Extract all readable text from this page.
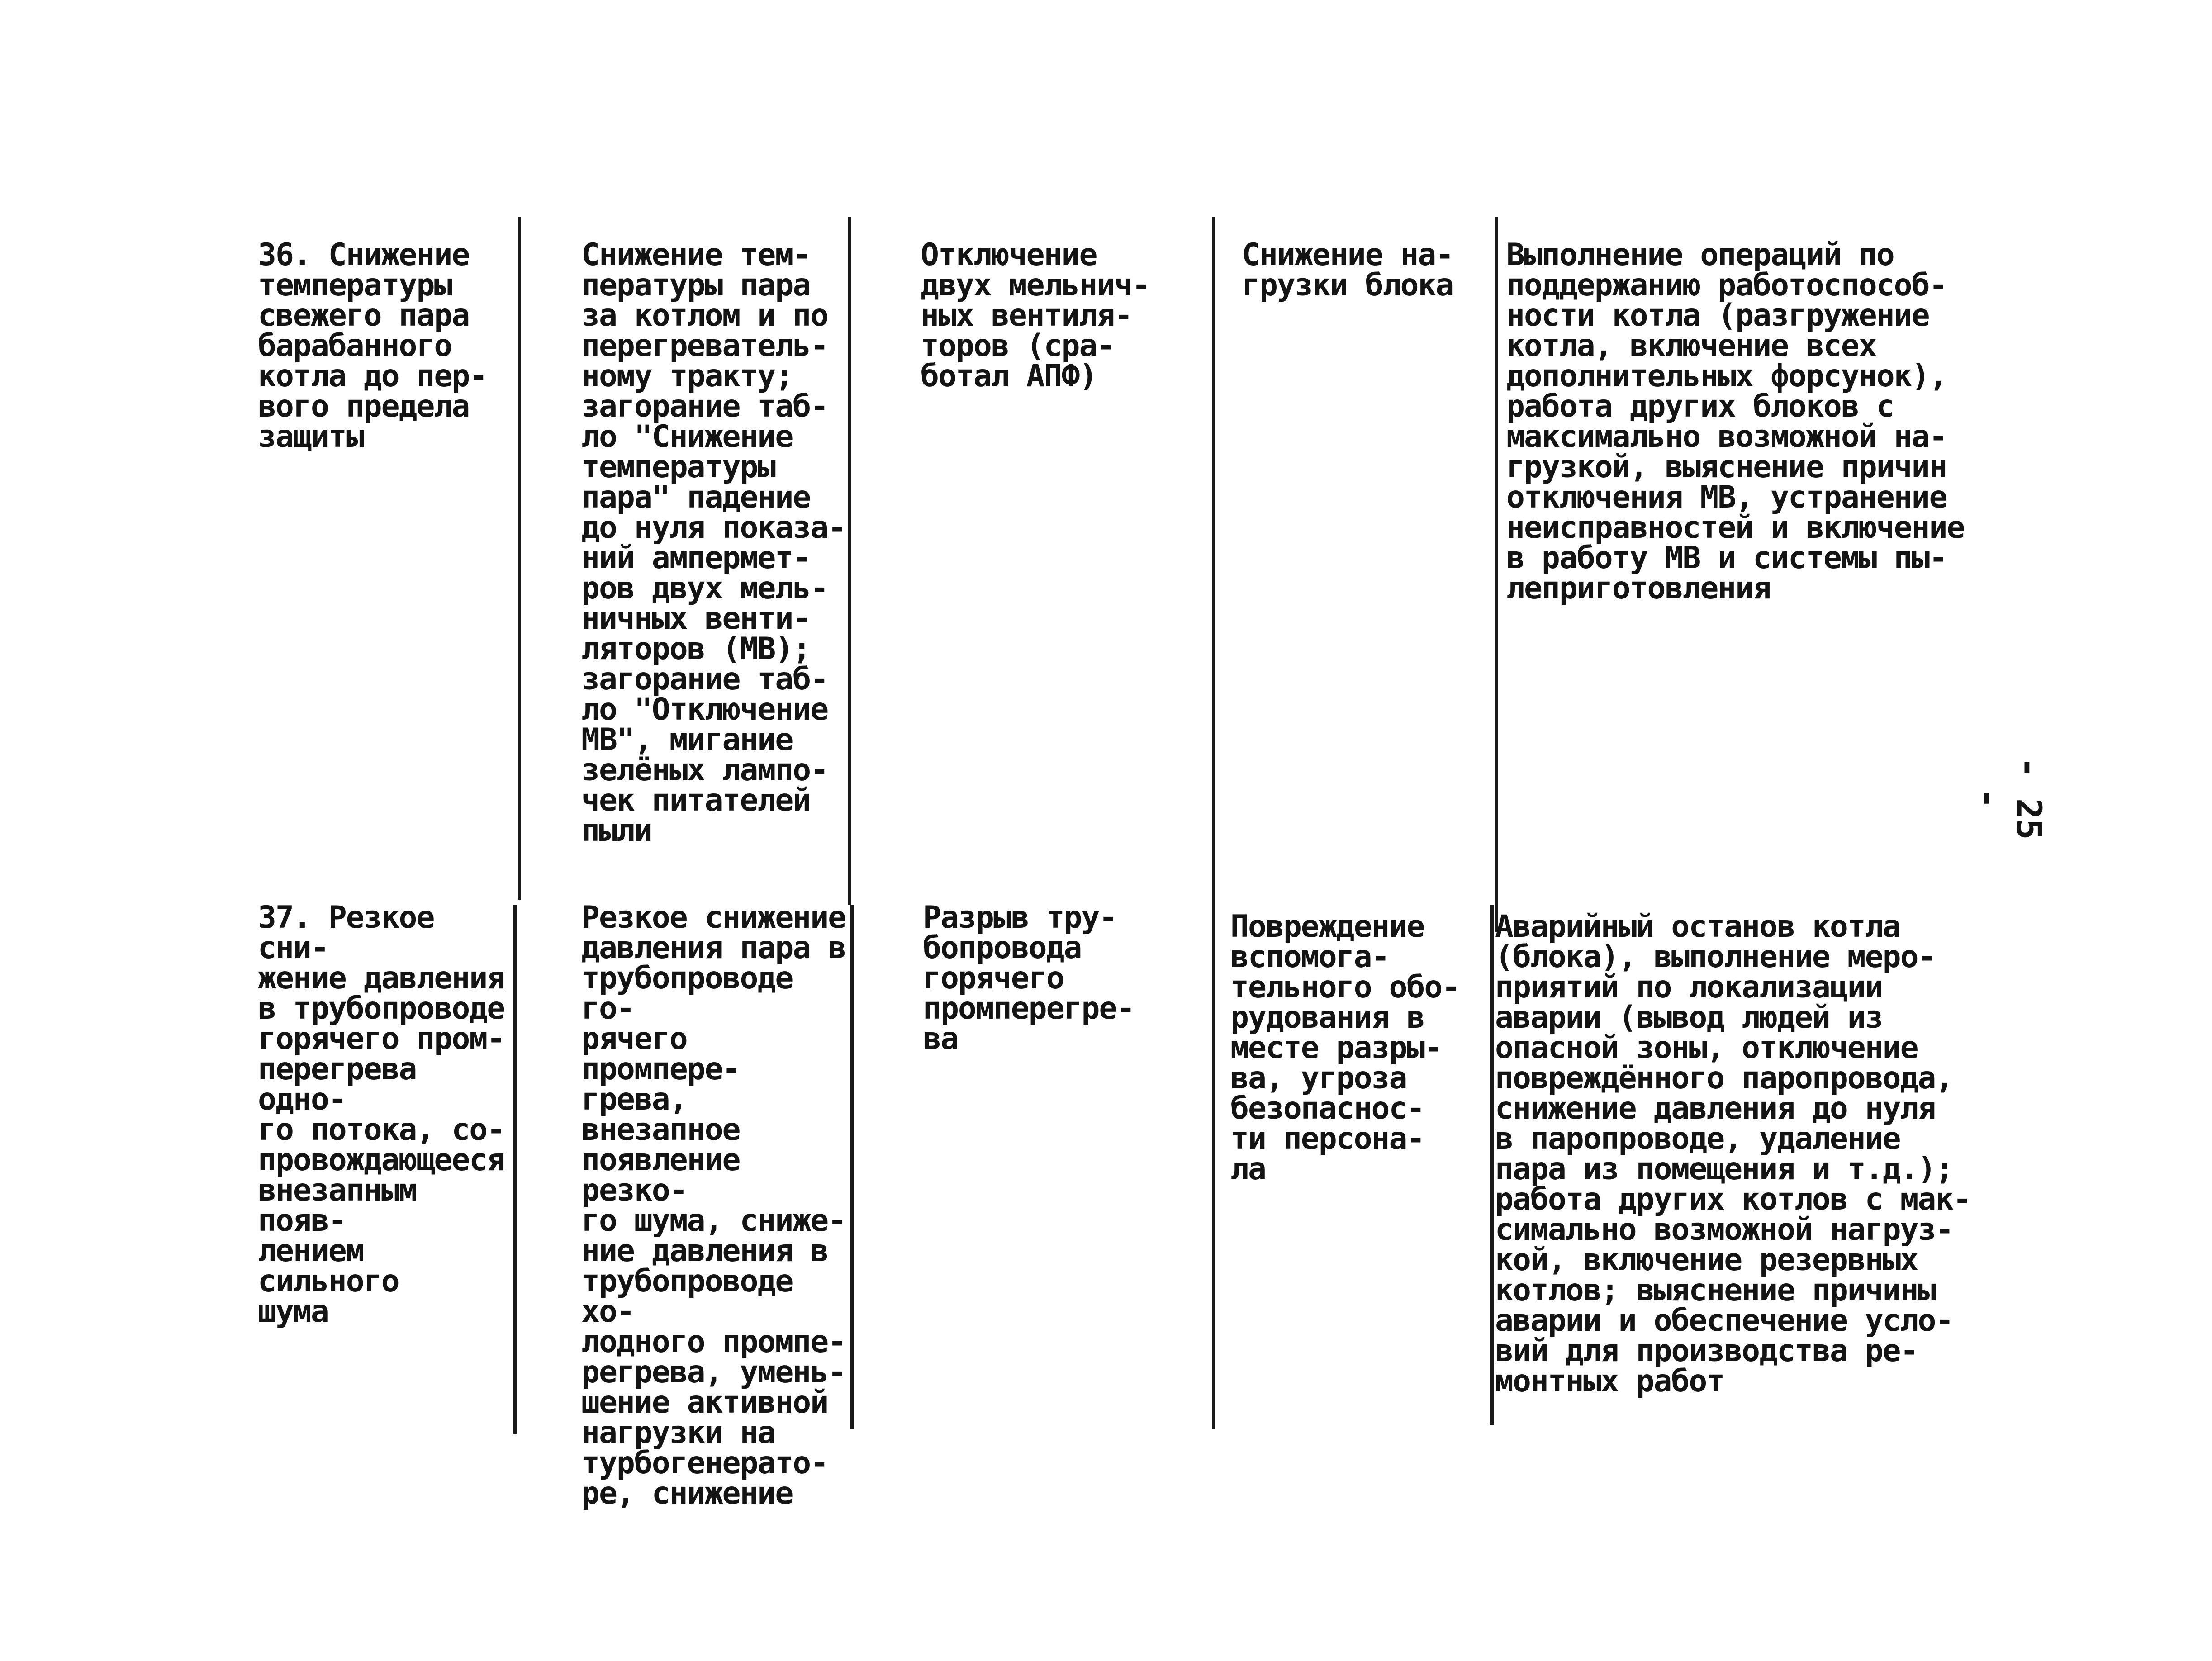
36. Снижение
температуры
свежего пара
барабанного
котла до пер-
вого предела
защиты
Снижение тем-
пературы пара
за котлом и по
перегреватель-
ному тракту;
загорание таб-
ло "Снижение
температуры
пара" падение
до нуля показа-
ний ампермет-
ров двух мель-
ничных венти-
ляторов (МВ);
загорание таб-
ло "Отключение
МВ", мигание
зелёных лампо-
чек питателей
пыли
Отключение
двух мельнич-
ных вентиля-
торов (сра-
ботал АПФ)
Снижение на-
грузки блока
Выполнение операций по
поддержанию работоспособ-
ности котла (разгружение
котла, включение всех
дополнительных форсунок),
работа других блоков с
максимально возможной на-
грузкой, выяснение причин
отключения МВ, устранение
неисправностей и включение
в работу МВ и системы пы-
леприготовления
37. Резкое сни-
жение давления
в трубопроводе
горячего пром-
перегрева одно-
го потока, со-
провождающееся
внезапным появ-
лением сильного
шума
Резкое снижение
давления пара в
трубопроводе го-
рячего промпере-
грева, внезапное
появление резко-
го шума, сниже-
ние давления в
трубопроводе хо-
лодного промпе-
регрева, умень-
шение активной
нагрузки на
турбогенерато-
ре, снижение
Разрыв тру-
бопровода
горячего
промперегре-
ва
Повреждение
вспомога-
тельного обо-
рудования в
месте разры-
ва, угроза
безопаснос-
ти персона-
ла
Аварийный останов котла
(блока), выполнение меро-
приятий по локализации
аварии (вывод людей из
опасной зоны, отключение
повреждённого паропровода,
снижение давления до нуля
в паропроводе, удаление
пара из помещения и т.д.);
работа других котлов с мак-
симально возможной нагруз-
кой, включение резервных
котлов; выяснение причины
аварии и обеспечение усло-
вий для производства ре-
монтных работ
- 25 -
